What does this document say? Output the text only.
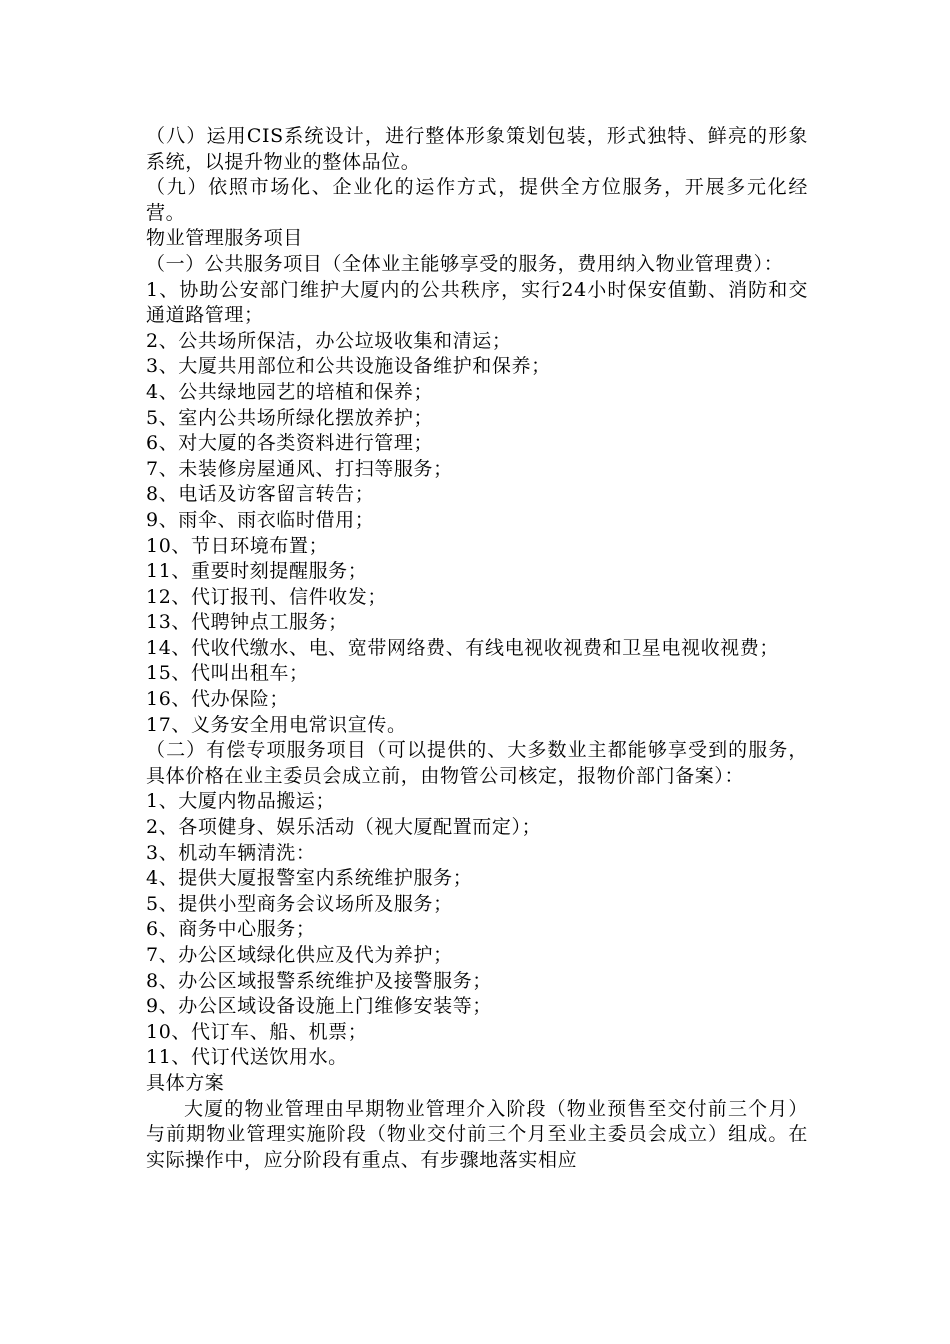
（八）运用CIS系统设计，进行整体形象策划包装，形式独特、鲜亮的形象系统，以提升物业的整体品位。

（九）依照市场化、企业化的运作方式，提供全方位服务，开展多元化经营。

物业管理服务项目

（一）公共服务项目（全体业主能够享受的服务，费用纳入物业管理费）：

1、协助公安部门维护大厦内的公共秩序，实行24小时保安值勤、消防和交通道路管理；

2、公共场所保洁，办公垃圾收集和清运；

3、大厦共用部位和公共设施设备维护和保养；

4、公共绿地园艺的培植和保养；

5、室内公共场所绿化摆放养护；

6、对大厦的各类资料进行管理；

7、未装修房屋通风、打扫等服务；

8、电话及访客留言转告；

9、雨伞、雨衣临时借用；

10、节日环境布置；

11、重要时刻提醒服务；

12、代订报刊、信件收发；

13、代聘钟点工服务；

14、代收代缴水、电、宽带网络费、有线电视收视费和卫星电视收视费；

15、代叫出租车；

16、代办保险；

17、义务安全用电常识宣传。

（二）有偿专项服务项目（可以提供的、大多数业主都能够享受到的服务，具体价格在业主委员会成立前，由物管公司核定，报物价部门备案）：

1、大厦内物品搬运；

2、各项健身、娱乐活动（视大厦配置而定）；

3、机动车辆清洗：

4、提供大厦报警室内系统维护服务；

5、提供小型商务会议场所及服务；

6、商务中心服务；

7、办公区域绿化供应及代为养护；

8、办公区域报警系统维护及接警服务；

9、办公区域设备设施上门维修安装等；

10、代订车、船、机票；

11、代订代送饮用水。

具体方案

大厦的物业管理由早期物业管理介入阶段（物业预售至交付前三个月）与前期物业管理实施阶段（物业交付前三个月至业主委员会成立）组成。在实际操作中，应分阶段有重点、有步骤地落实相应
